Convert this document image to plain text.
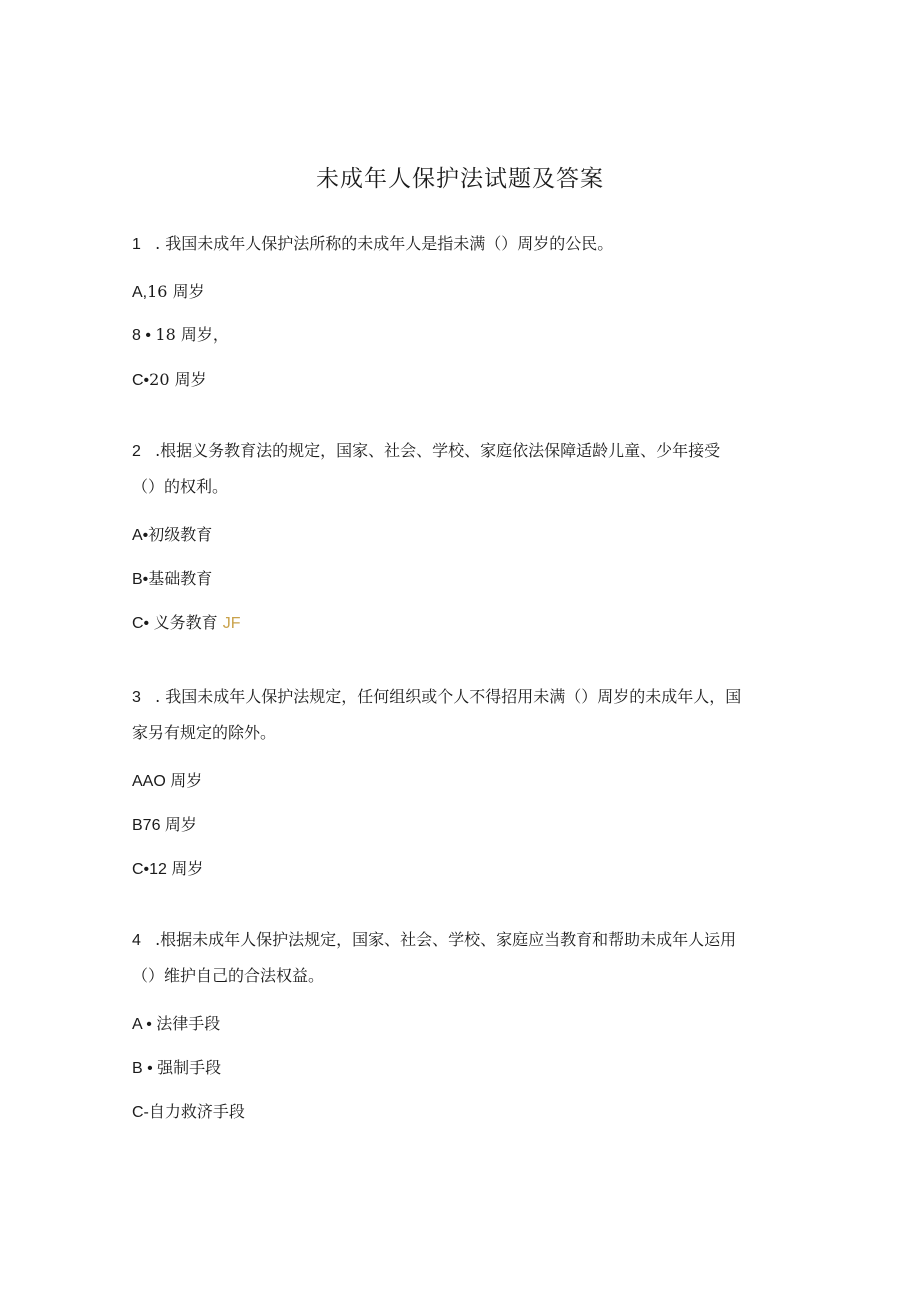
未成年人保护法试题及答案
1 . 我国未成年人保护法所称的未成年人是指未满（）周岁的公民。
A,16 周岁
8 • 18 周岁，
C•20 周岁
2 .根据义务教育法的规定，国家、社会、学校、家庭依法保障适龄儿童、少年接受
（）的权利。
A•初级教育
B•基础教育
C• 义务教育 JF
3 . 我国未成年人保护法规定，任何组织或个人不得招用未满（）周岁的未成年人，国
家另有规定的除外。
AAO 周岁
B76 周岁
C•12 周岁
4 .根据未成年人保护法规定，国家、社会、学校、家庭应当教育和帮助未成年人运用
（）维护自己的合法权益。
A • 法律手段
B • 强制手段
C-自力救济手段
